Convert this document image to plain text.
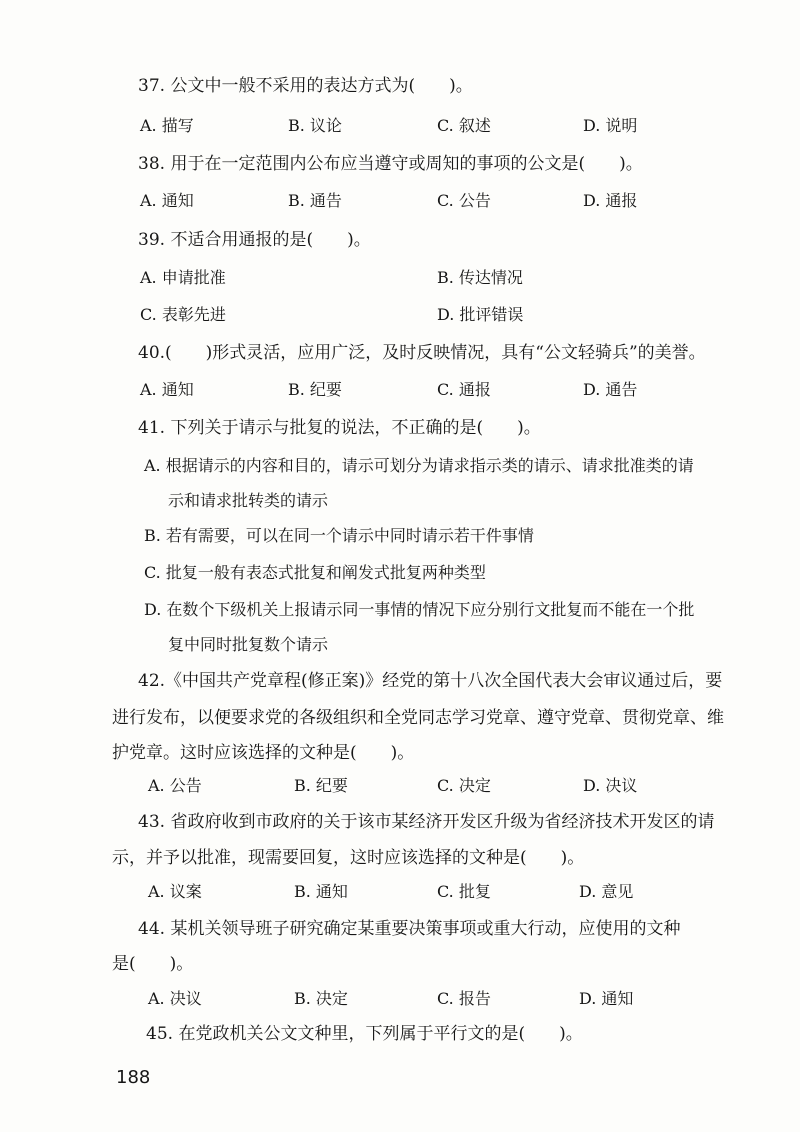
37. 公文中一般不采用的表达方式为(　　)。
A. 描写	B. 议论	C. 叙述	D. 说明
38. 用于在一定范围内公布应当遵守或周知的事项的公文是(　　)。
A. 通知	B. 通告	C. 公告	D. 通报
39. 不适合用通报的是(　　)。
A. 申请批准	B. 传达情况
C. 表彰先进	D. 批评错误
40.(　　)形式灵活，应用广泛，及时反映情况，具有“公文轻骑兵”的美誉。
A. 通知	B. 纪要	C. 通报	D. 通告
41. 下列关于请示与批复的说法，不正确的是(　　)。
A. 根据请示的内容和目的，请示可划分为请求指示类的请示、请求批准类的请
示和请求批转类的请示
B. 若有需要，可以在同一个请示中同时请示若干件事情
C. 批复一般有表态式批复和阐发式批复两种类型
D. 在数个下级机关上报请示同一事情的情况下应分别行文批复而不能在一个批
复中同时批复数个请示
42.《中国共产党章程(修正案)》经党的第十八次全国代表大会审议通过后，要
进行发布，以便要求党的各级组织和全党同志学习党章、遵守党章、贯彻党章、维
护党章。这时应该选择的文种是(　　)。
A. 公告	B. 纪要	C. 决定	D. 决议
43. 省政府收到市政府的关于该市某经济开发区升级为省经济技术开发区的请
示，并予以批准，现需要回复，这时应该选择的文种是(　　)。
A. 议案	B. 通知	C. 批复	D. 意见
44. 某机关领导班子研究确定某重要决策事项或重大行动，应使用的文种
是(　　)。
A. 决议	B. 决定	C. 报告	D. 通知
45. 在党政机关公文文种里，下列属于平行文的是(　　)。
188
